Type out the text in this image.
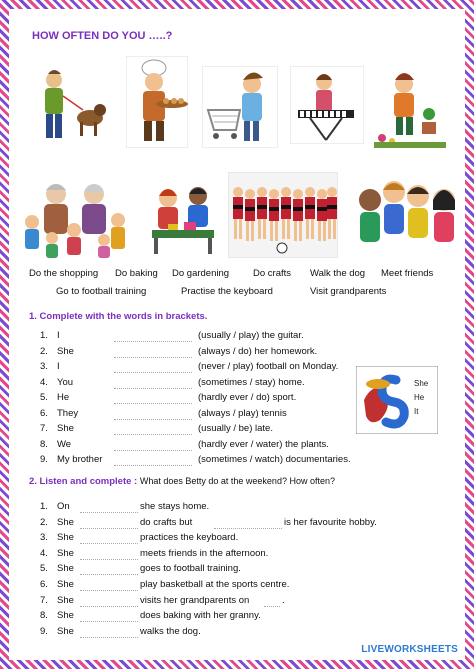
HOW OFTEN DO YOU …..?
Do the shopping Do baking Do gardening	Do crafts Walk the dog Meet friends
Go to football training	Practise the keyboard	Visit grandparents
1. Complete with the words in brackets.
1. I	(usually / play) the guitar.
2. She	(always / do) her homework.
3. I	(never / play) football on Monday.
4. You	(sometimes / stay) home.
5. He	(hardly ever / do) sport.
6. They	(always / play) tennis
7. She	(usually / be) late.
8. We	(hardly ever / water) the plants.
9. My brother	(sometimes / watch) documentaries.
She
He
It
2. Listen and complete : What does Betty do at the weekend? How often?
1. On	she stays home.
2. She	do crafts but	is her favourite hobby.
3. She	practices the keyboard.
4. She	meets friends in the afternoon.
5. She	goes to football training.
6. She	play basketball at the sports centre.
7. She	visits her grandparents on	.
8. She	does baking with her granny.
9. She	walks the dog.
LIVEWORKSHEETS
